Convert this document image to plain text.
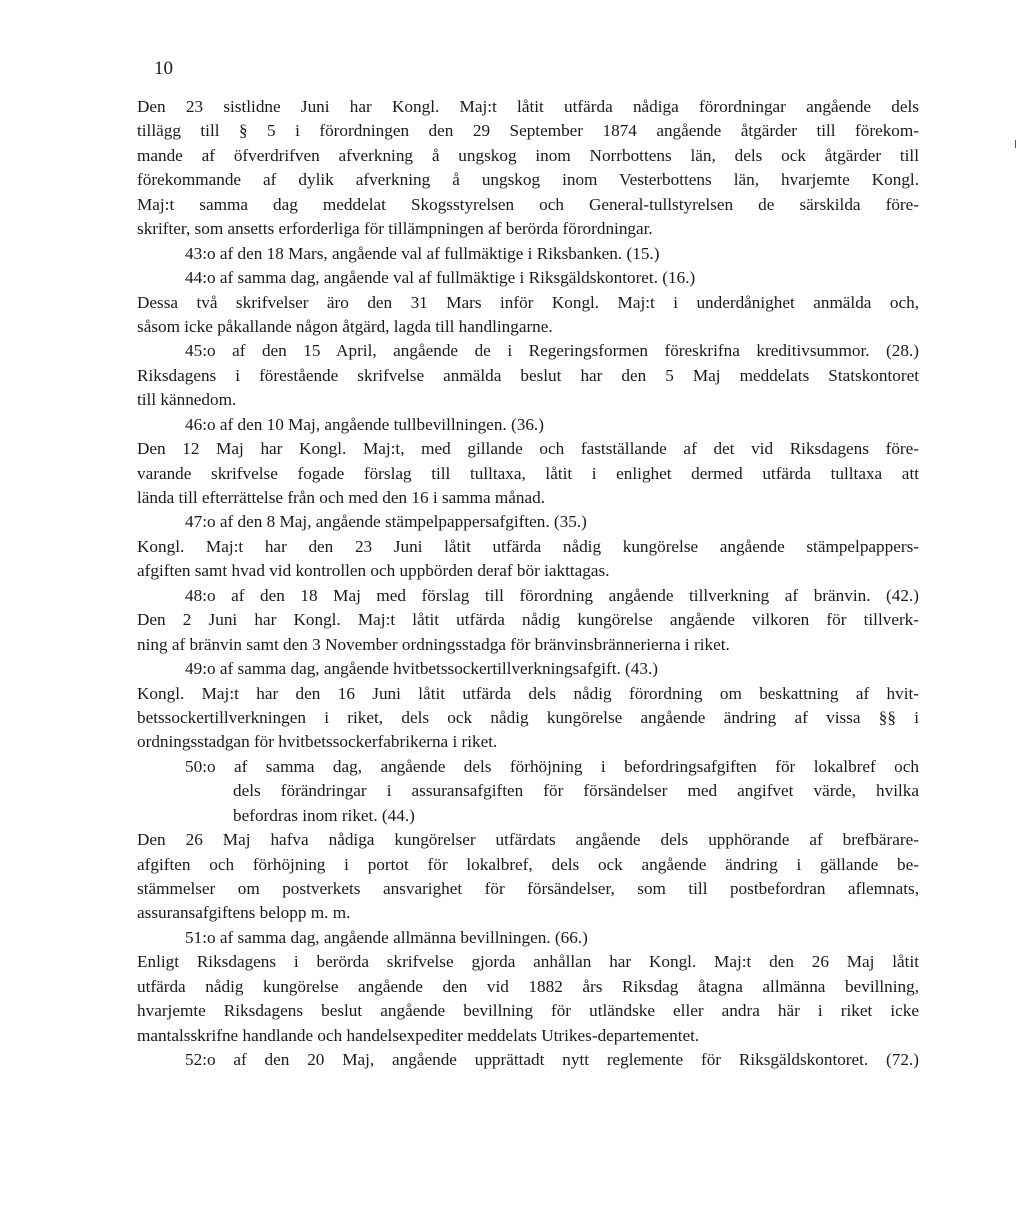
10
Den 23 sistlidne Juni har Kongl. Maj:t låtit utfärda nådiga förordningar angående dels
tillägg till § 5 i förordningen den 29 September 1874 angående åtgärder till förekom-
mande af öfverdrifven afverkning å ungskog inom Norrbottens län, dels ock åtgärder till
förekommande af dylik afverkning å ungskog inom Vesterbottens län, hvarjemte Kongl.
Maj:t samma dag meddelat Skogsstyrelsen och General-tullstyrelsen de särskilda före-
skrifter, som ansetts erforderliga för tillämpningen af berörda förordningar.
43:o af den 18 Mars, angående val af fullmäktige i Riksbanken. (15.)
44:o af samma dag, angående val af fullmäktige i Riksgäldskontoret. (16.)
Dessa två skrifvelser äro den 31 Mars inför Kongl. Maj:t i underdånighet anmälda och,
såsom icke påkallande någon åtgärd, lagda till handlingarne.
45:o af den 15 April, angående de i Regeringsformen föreskrifna kreditivsummor. (28.)
Riksdagens i förestående skrifvelse anmälda beslut har den 5 Maj meddelats Statskontoret
till kännedom.
46:o af den 10 Maj, angående tullbevillningen. (36.)
Den 12 Maj har Kongl. Maj:t, med gillande och fastställande af det vid Riksdagens före-
varande skrifvelse fogade förslag till tulltaxa, låtit i enlighet dermed utfärda tulltaxa att
lända till efterrättelse från och med den 16 i samma månad.
47:o af den 8 Maj, angående stämpelpappersafgiften. (35.)
Kongl. Maj:t har den 23 Juni låtit utfärda nådig kungörelse angående stämpelpappers-
afgiften samt hvad vid kontrollen och uppbörden deraf bör iakttagas.
48:o af den 18 Maj med förslag till förordning angående tillverkning af bränvin. (42.)
Den 2 Juni har Kongl. Maj:t låtit utfärda nådig kungörelse angående vilkoren för tillverk-
ning af bränvin samt den 3 November ordningsstadga för bränvinsbrännerierna i riket.
49:o af samma dag, angående hvitbetssockertillverkningsafgift. (43.)
Kongl. Maj:t har den 16 Juni låtit utfärda dels nådig förordning om beskattning af hvit-
betssockertillverkningen i riket, dels ock nådig kungörelse angående ändring af vissa §§ i
ordningsstadgan för hvitbetssockerfabrikerna i riket.
50:o af samma dag, angående dels förhöjning i befordringsafgiften för lokalbref och
dels förändringar i assuransafgiften för försändelser med angifvet värde, hvilka
befordras inom riket. (44.)
Den 26 Maj hafva nådiga kungörelser utfärdats angående dels upphörande af brefbärare-
afgiften och förhöjning i portot för lokalbref, dels ock angående ändring i gällande be-
stämmelser om postverkets ansvarighet för försändelser, som till postbefordran aflemnats,
assuransafgiftens belopp m. m.
51:o af samma dag, angående allmänna bevillningen. (66.)
Enligt Riksdagens i berörda skrifvelse gjorda anhållan har Kongl. Maj:t den 26 Maj låtit
utfärda nådig kungörelse angående den vid 1882 års Riksdag åtagna allmänna bevillning,
hvarjemte Riksdagens beslut angående bevillning för utländske eller andra här i riket icke
mantalsskrifne handlande och handelsexpediter meddelats Utrikes-departementet.
52:o af den 20 Maj, angående upprättadt nytt reglemente för Riksgäldskontoret. (72.)
